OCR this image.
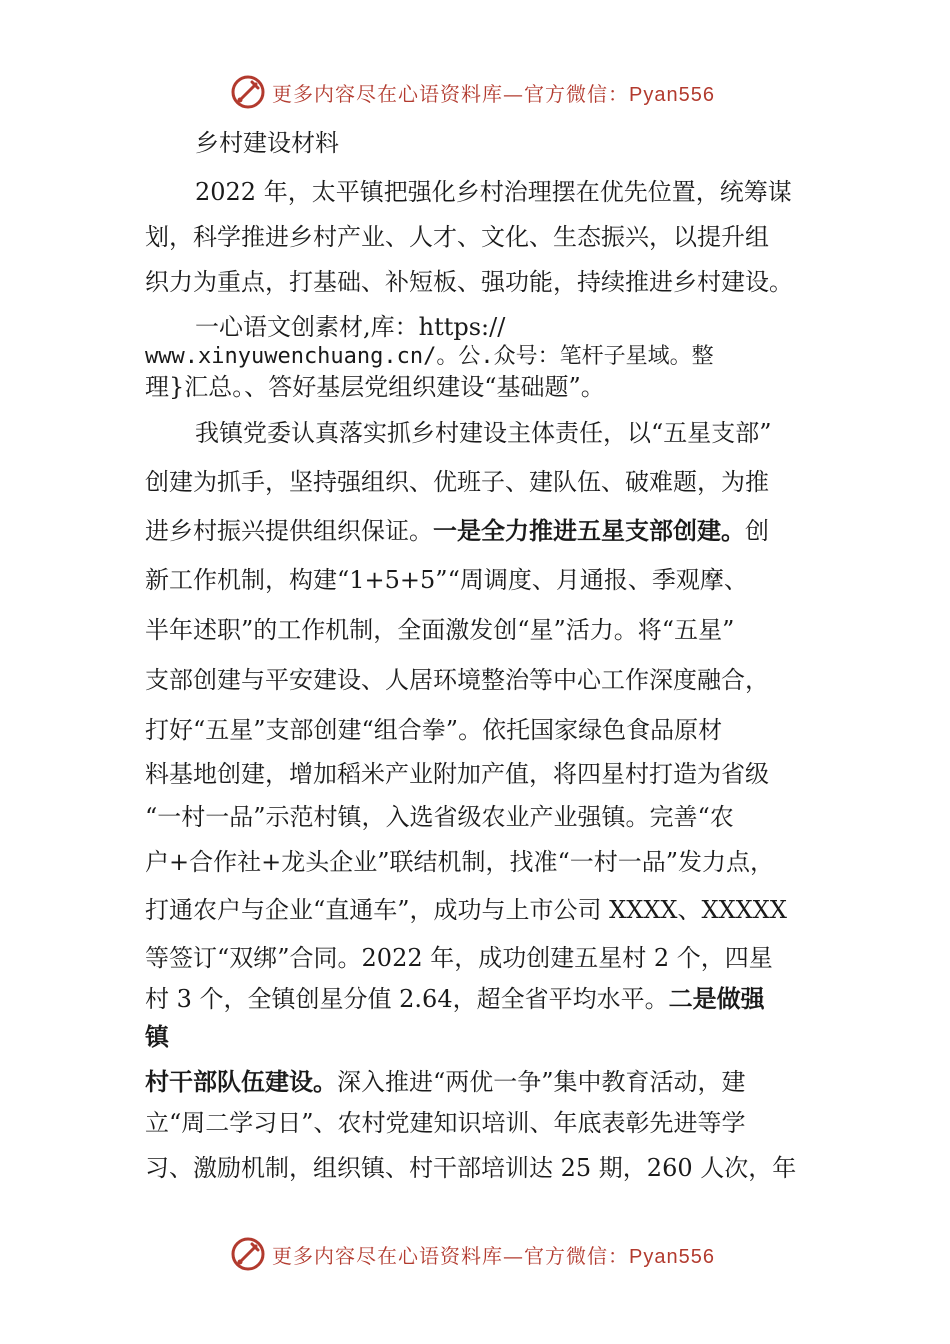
更多内容尽在心语资料库—官方微信：Pyan556
乡村建设材料
2022 年，太平镇把强化乡村治理摆在优先位置，统筹谋
划，科学推进乡村产业、人才、文化、生态振兴，以提升组
织力为重点，打基础、补短板、强功能，持续推进乡村建设。
一心语文创素材,库：https://
www.xinyuwenchuang.cn/。公.众号：笔杆子星域。整
理}汇总。、答好基层党组织建设“基础题”。
我镇党委认真落实抓乡村建设主体责任，以“五星支部”
创建为抓手，坚持强组织、优班子、建队伍、破难题，为推
进乡村振兴提供组织保证。一是全力推进五星支部创建。创
新工作机制，构建“1+5+5”“周调度、月通报、季观摩、
半年述职”的工作机制，全面激发创“星”活力。将“五星”
支部创建与平安建设、人居环境整治等中心工作深度融合，
打好“五星”支部创建“组合拳”。依托国家绿色食品原材
料基地创建，增加稻米产业附加产值，将四星村打造为省级
“一村一品”示范村镇，入选省级农业产业强镇。完善“农
户+合作社+龙头企业”联结机制，找准“一村一品”发力点，
打通农户与企业“直通车”，成功与上市公司 XXXX、XXXXX
等签订“双绑”合同。2022 年，成功创建五星村 2 个，四星
村 3 个，全镇创星分值 2.64，超全省平均水平。二是做强
镇
村干部队伍建设。深入推进“两优一争”集中教育活动，建
立“周二学习日”、农村党建知识培训、年底表彰先进等学
习、激励机制，组织镇、村干部培训达 25 期，260 人次，年
更多内容尽在心语资料库—官方微信：Pyan556
